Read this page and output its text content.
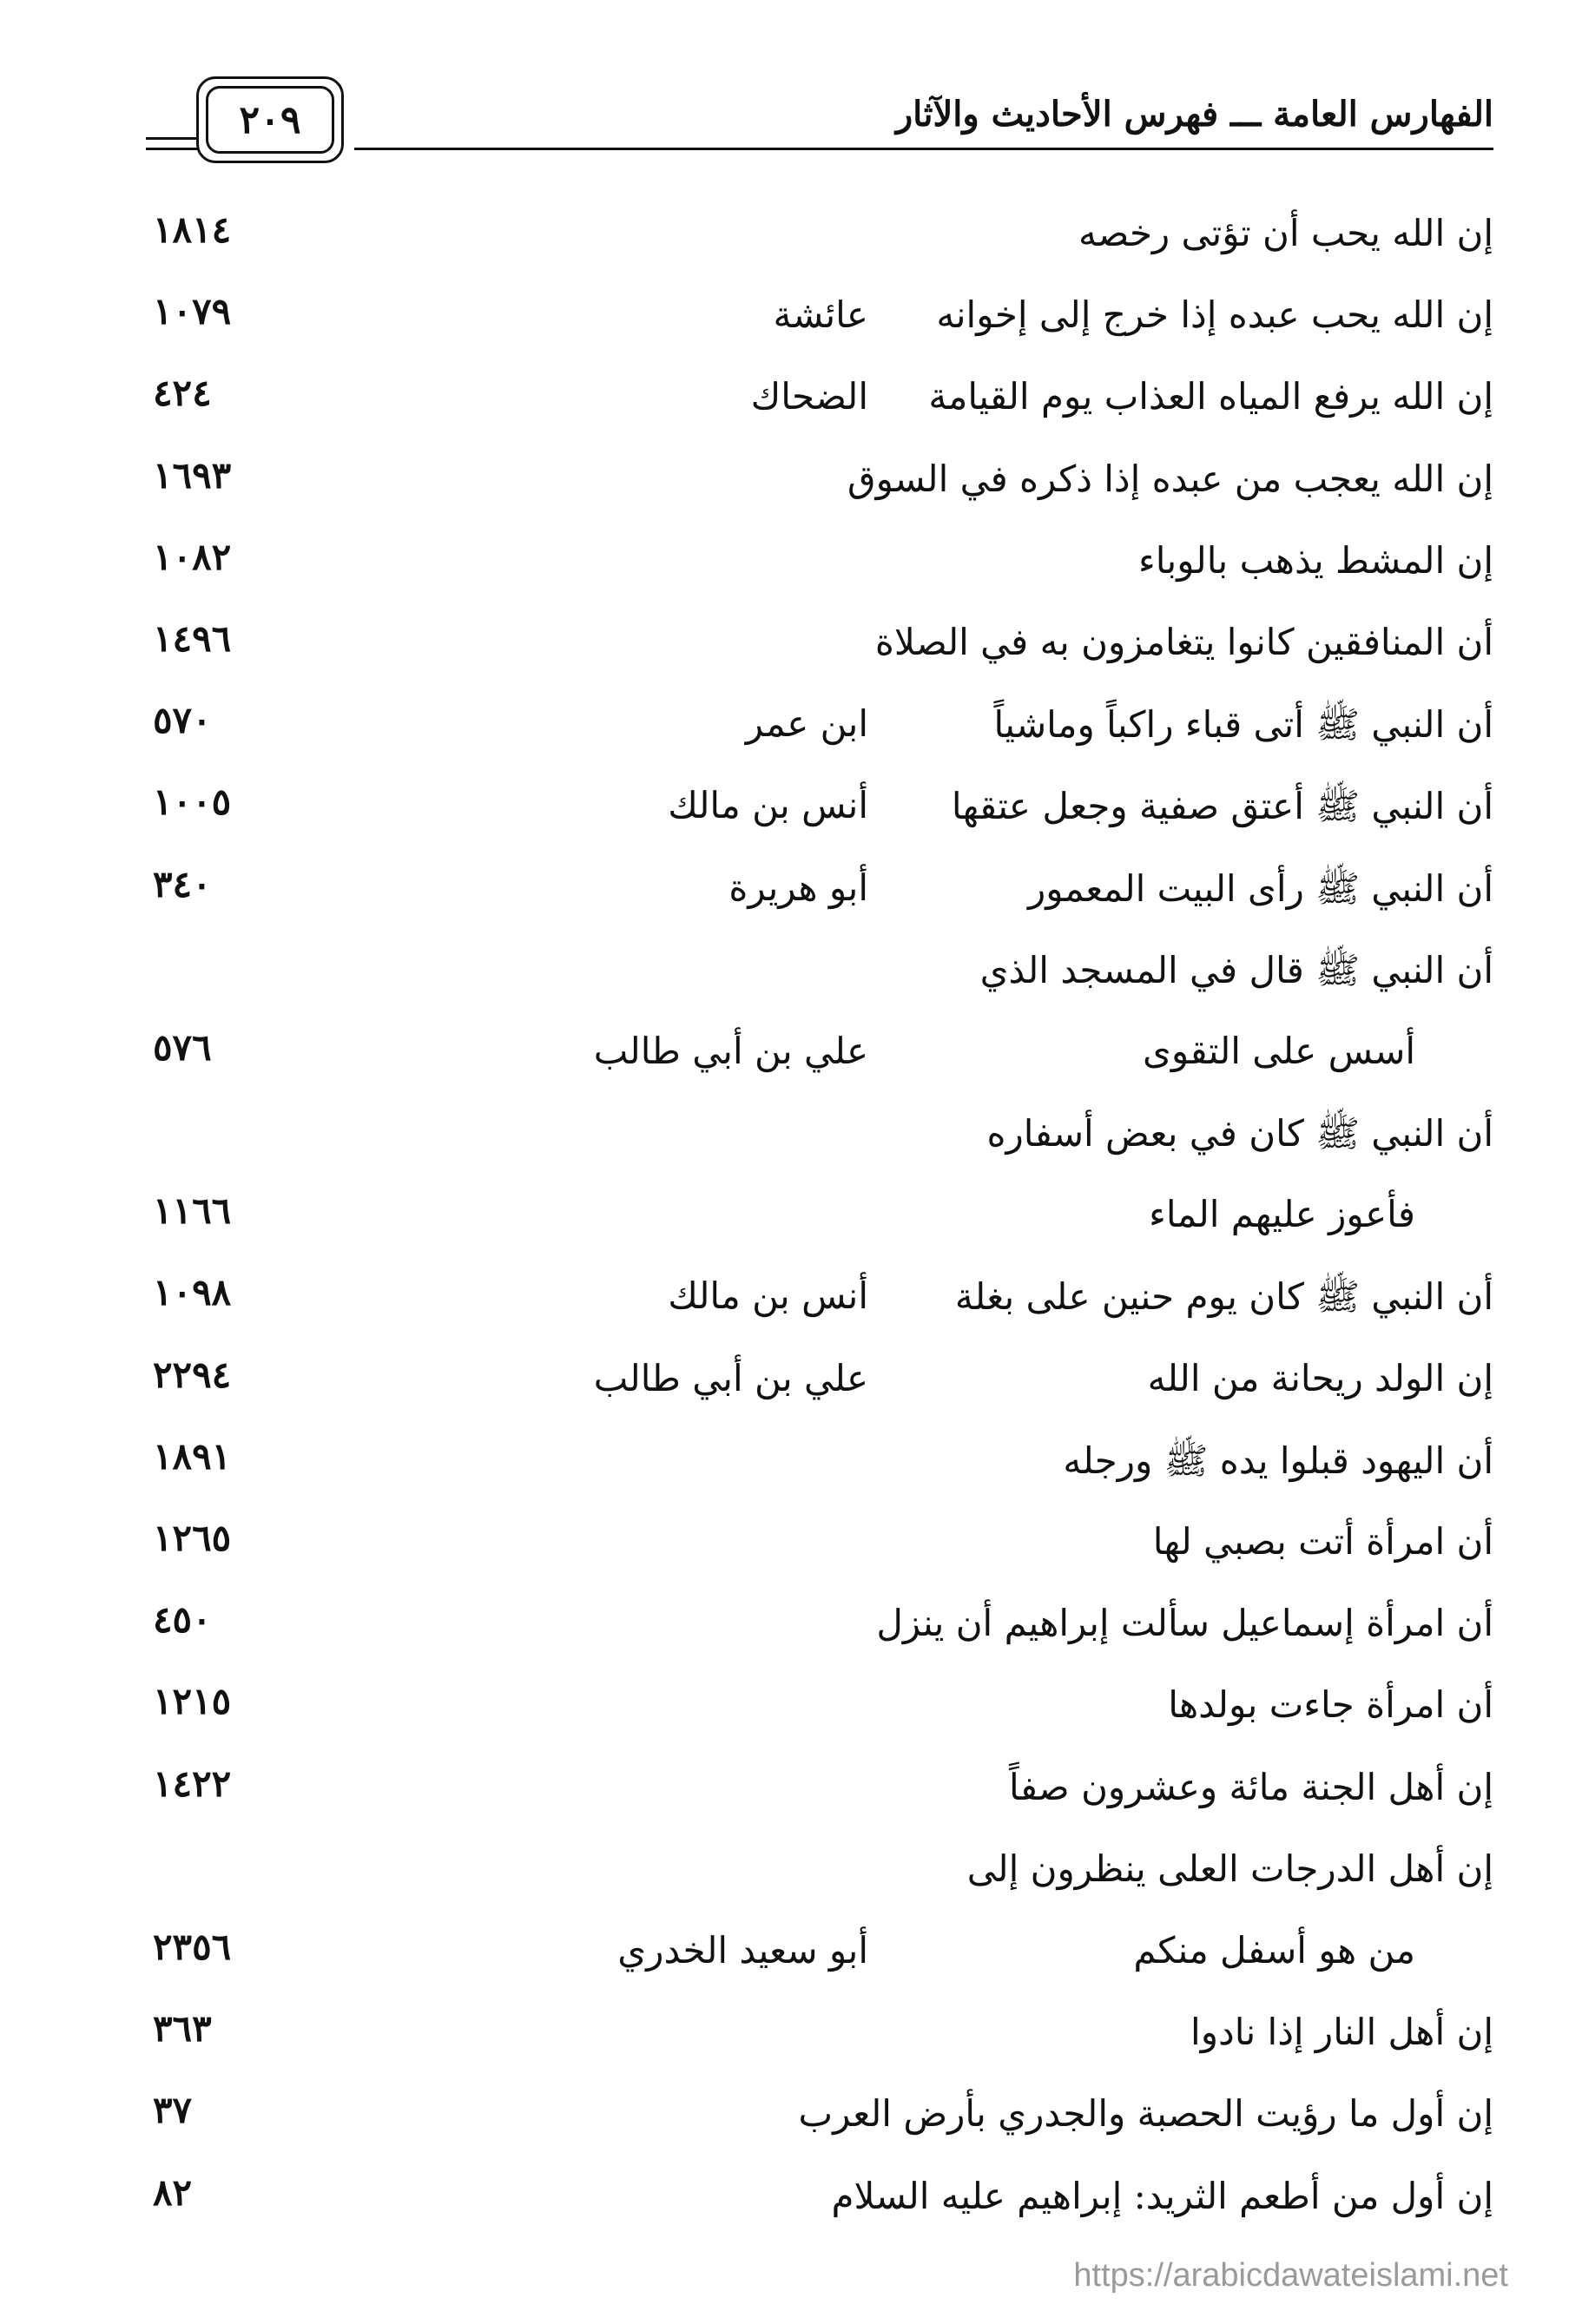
الفهارس العامة ـــ فهرس الأحاديث والآثار
٢٠٩
إن الله يحب أن تؤتى رخصه
١٨١٤
إن الله يحب عبده إذا خرج إلى إخوانه
عائشة
١٠٧٩
إن الله يرفع المياه العذاب يوم القيامة
الضحاك
٤٢٤
إن الله يعجب من عبده إذا ذكره في السوق
١٦٩٣
إن المشط يذهب بالوباء
١٠٨٢
أن المنافقين كانوا يتغامزون به في الصلاة
١٤٩٦
أن النبي ﷺ أتى قباء راكباً وماشياً
ابن عمر
٥٧٠
أن النبي ﷺ أعتق صفية وجعل عتقها
أنس بن مالك
١٠٠٥
أن النبي ﷺ رأى البيت المعمور
أبو هريرة
٣٤٠
أن النبي ﷺ قال في المسجد الذي
أسس على التقوى
علي بن أبي طالب
٥٧٦
أن النبي ﷺ كان في بعض أسفاره
فأعوز عليهم الماء
١١٦٦
أن النبي ﷺ كان يوم حنين على بغلة
أنس بن مالك
١٠٩٨
إن الولد ريحانة من الله
علي بن أبي طالب
٢٢٩٤
أن اليهود قبلوا يده ﷺ ورجله
١٨٩١
أن امرأة أتت بصبي لها
١٢٦٥
أن امرأة إسماعيل سألت إبراهيم أن ينزل
٤٥٠
أن امرأة جاءت بولدها
١٢١٥
إن أهل الجنة مائة وعشرون صفاً
١٤٢٢
إن أهل الدرجات العلى ينظرون إلى
من هو أسفل منكم
أبو سعيد الخدري
٢٣٥٦
إن أهل النار إذا نادوا
٣٦٣
إن أول ما رؤيت الحصبة والجدري بأرض العرب
٣٧
إن أول من أطعم الثريد: إبراهيم عليه السلام
٨٢
https://arabicdawateislami.net
